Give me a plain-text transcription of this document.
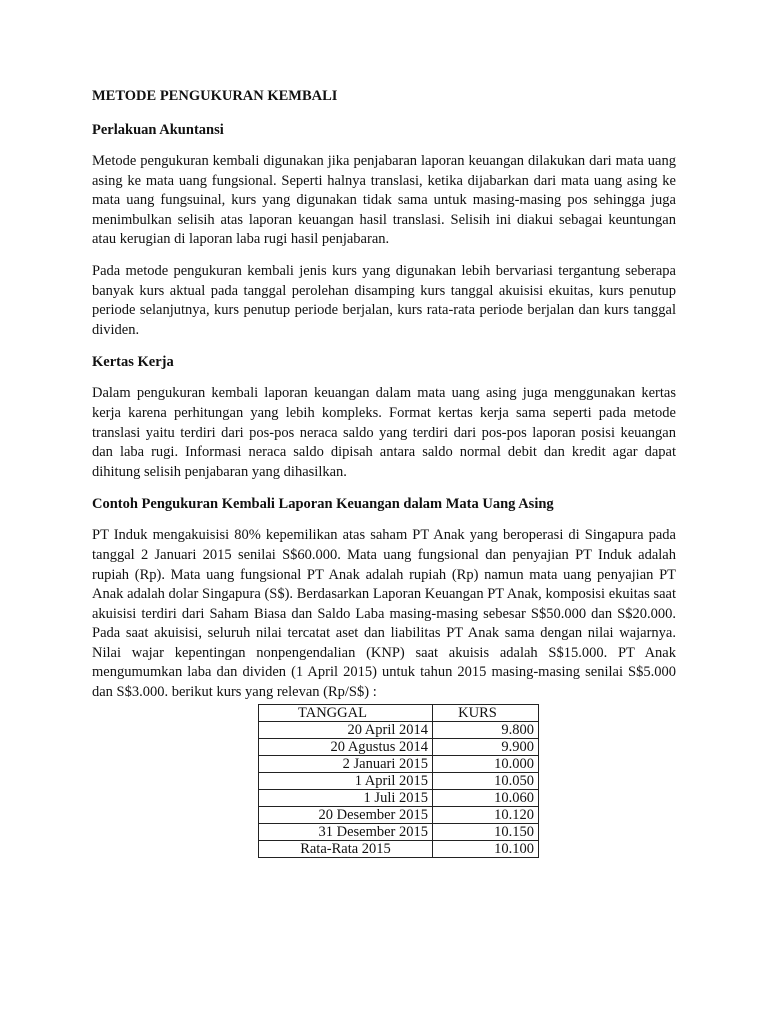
METODE PENGUKURAN KEMBALI
Perlakuan Akuntansi

Metode pengukuran kembali digunakan jika penjabaran laporan keuangan dilakukan dari mata uang asing ke mata uang fungsional. Seperti halnya translasi, ketika dijabarkan dari mata uang asing ke mata uang fungsuinal, kurs yang digunakan tidak sama untuk masing-masing pos sehingga juga menimbulkan selisih atas laporan keuangan hasil translasi. Selisih ini diakui sebagai keuntungan atau kerugian di laporan laba rugi hasil penjabaran.

Pada metode pengukuran kembali jenis kurs yang digunakan lebih bervariasi tergantung seberapa banyak kurs aktual pada tanggal perolehan disamping kurs tanggal akuisisi ekuitas, kurs penutup periode selanjutnya, kurs penutup periode berjalan, kurs rata-rata periode berjalan dan kurs tanggal dividen.

Kertas Kerja

Dalam pengukuran kembali laporan keuangan dalam mata uang asing juga menggunakan kertas kerja karena perhitungan yang lebih kompleks. Format kertas kerja sama seperti pada metode translasi yaitu terdiri dari pos-pos neraca saldo yang terdiri dari pos-pos laporan posisi keuangan dan laba rugi. Informasi neraca saldo dipisah antara saldo normal debit dan kredit agar dapat dihitung selisih penjabaran yang dihasilkan.

Contoh Pengukuran Kembali Laporan Keuangan dalam Mata Uang Asing

PT Induk mengakuisisi 80% kepemilikan atas saham PT Anak yang beroperasi di Singapura pada tanggal 2 Januari 2015 senilai S$60.000. Mata uang fungsional dan penyajian PT Induk adalah rupiah (Rp). Mata uang fungsional PT Anak adalah rupiah (Rp) namun mata uang penyajian PT Anak adalah dolar Singapura (S$). Berdasarkan Laporan Keuangan PT Anak, komposisi ekuitas saat akuisisi terdiri dari Saham Biasa dan Saldo Laba masing-masing sebesar S$50.000 dan S$20.000. Pada saat akuisisi, seluruh nilai tercatat aset dan liabilitas PT Anak sama dengan nilai wajarnya. Nilai wajar kepentingan nonpengendalian (KNP) saat akuisis adalah S$15.000. PT Anak mengumumkan laba dan dividen (1 April 2015) untuk tahun 2015 masing-masing senilai S$5.000 dan S$3.000. berikut kurs yang relevan (Rp/S$) :

TANGGAL	KURS
20 April 2014	9.800
20 Agustus 2014	9.900
2 Januari 2015	10.000
1 April 2015	10.050
1 Juli 2015	10.060
20 Desember 2015	10.120
31 Desember 2015	10.150
Rata-Rata 2015	10.100
